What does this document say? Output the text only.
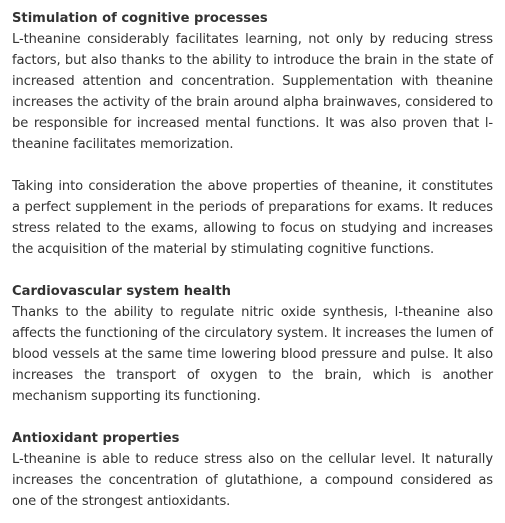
Stimulation of cognitive processes

L-theanine considerably facilitates learning, not only by reducing stress factors, but also thanks to the ability to introduce the brain in the state of increased attention and concentration. Supplementation with theanine increases the activity of the brain around alpha brainwaves, considered to be responsible for increased mental functions. It was also proven that l-theanine facilitates memorization.

Taking into consideration the above properties of theanine, it constitutes a perfect supplement in the periods of preparations for exams. It reduces stress related to the exams, allowing to focus on studying and increases the acquisition of the material by stimulating cognitive functions.

Cardiovascular system health

Thanks to the ability to regulate nitric oxide synthesis, l-theanine also affects the functioning of the circulatory system. It increases the lumen of blood vessels at the same time lowering blood pressure and pulse. It also increases the transport of oxygen to the brain, which is another mechanism supporting its functioning.

Antioxidant properties

L-theanine is able to reduce stress also on the cellular level. It naturally increases the concentration of glutathione, a compound considered as one of the strongest antioxidants.
